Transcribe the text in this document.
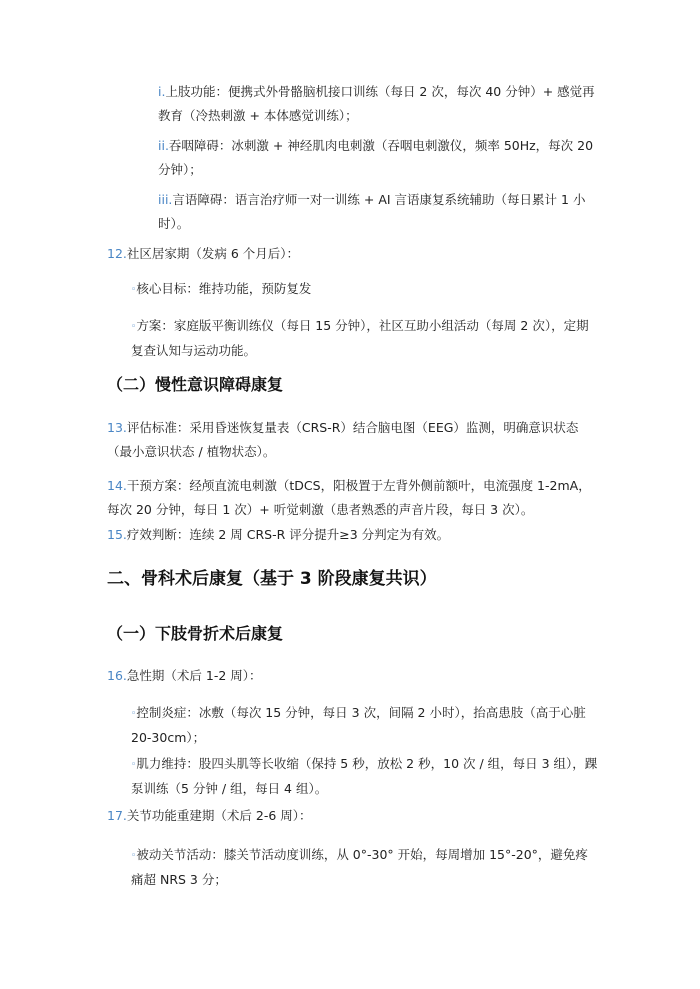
i.上肢功能：便携式外骨骼脑机接口训练（每日 2 次，每次 40 分钟）+ 感觉再教育（冷热刺激 + 本体感觉训练）；

ii.吞咽障碍：冰刺激 + 神经肌肉电刺激（吞咽电刺激仪，频率 50Hz，每次 20 分钟）；

iii.言语障碍：语言治疗师一对一训练 + AI 言语康复系统辅助（每日累计 1 小时）。

12.社区居家期（发病 6 个月后）：

◦核心目标：维持功能，预防复发

◦方案：家庭版平衡训练仪（每日 15 分钟），社区互助小组活动（每周 2 次），定期复查认知与运动功能。

（二）慢性意识障碍康复

13.评估标准：采用昏迷恢复量表（CRS-R）结合脑电图（EEG）监测，明确意识状态（最小意识状态 / 植物状态）。

14.干预方案：经颅直流电刺激（tDCS，阳极置于左背外侧前额叶，电流强度 1-2mA，每次 20 分钟，每日 1 次）+ 听觉刺激（患者熟悉的声音片段，每日 3 次）。

15.疗效判断：连续 2 周 CRS-R 评分提升≥3 分判定为有效。

二、骨科术后康复（基于 3 阶段康复共识）
（一）下肢骨折术后康复

16.急性期（术后 1-2 周）：

◦控制炎症：冰敷（每次 15 分钟，每日 3 次，间隔 2 小时），抬高患肢（高于心脏 20-30cm）；

◦肌力维持：股四头肌等长收缩（保持 5 秒，放松 2 秒，10 次 / 组，每日 3 组），踝泵训练（5 分钟 / 组，每日 4 组）。

17.关节功能重建期（术后 2-6 周）：

◦被动关节活动：膝关节活动度训练，从 0°-30° 开始，每周增加 15°-20°，避免疼痛超 NRS 3 分；
